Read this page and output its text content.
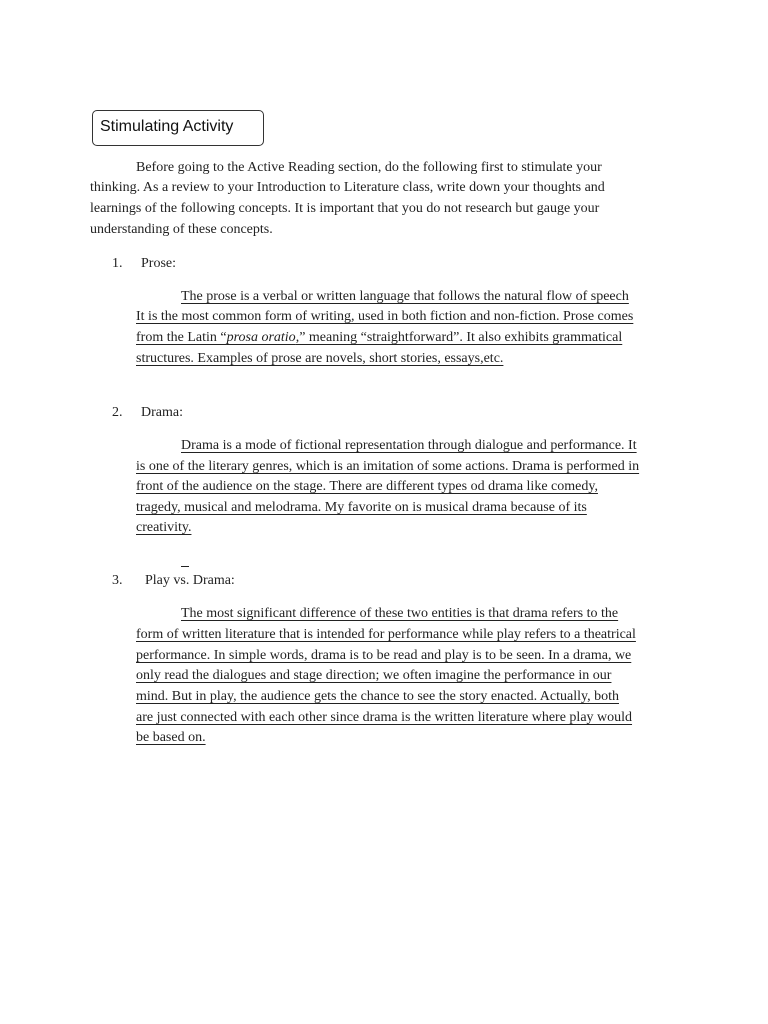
Stimulating Activity
Before going to the Active Reading section, do the following first to stimulate your
thinking. As a review to your Introduction to Literature class, write down your thoughts and
learnings of the following concepts. It is important that you do not research but gauge your
understanding of these concepts.
1. Prose:
The prose is a verbal or written language that follows the natural flow of speech
It is the most common form of writing, used in both fiction and non-fiction. Prose comes
from the Latin “prosa oratio,” meaning “straightforward”. It also exhibits grammatical
structures. Examples of prose are novels, short stories, essays,etc.
2. Drama:
Drama is a mode of fictional representation through dialogue and performance. It
is one of the literary genres, which is an imitation of some actions. Drama is performed in
front of the audience on the stage. There are different types od drama like comedy,
tragedy, musical and melodrama. My favorite on is musical drama because of its
creativity.
3. Play vs. Drama:
The most significant difference of these two entities is that drama refers to the
form of written literature that is intended for performance while play refers to a theatrical
performance. In simple words, drama is to be read and play is to be seen. In a drama, we
only read the dialogues and stage direction; we often imagine the performance in our
mind. But in play, the audience gets the chance to see the story enacted. Actually, both
are just connected with each other since drama is the written literature where play would
be based on.
